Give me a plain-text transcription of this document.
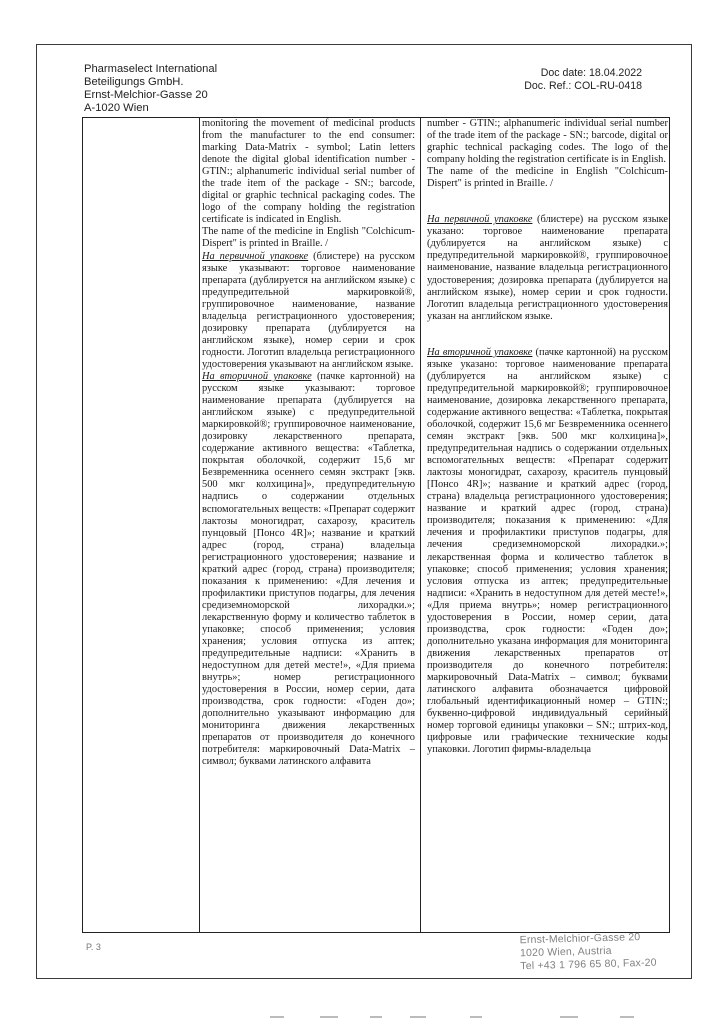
Pharmaselect International
Beteiligungs GmbH.
Ernst-Melchior-Gasse 20
A-1020 Wien
Doc date: 18.04.2022
Doc. Ref.: COL-RU-0418

monitoring the movement of medicinal products from the manufacturer to the end consumer: marking Data-Matrix - symbol; Latin letters denote the digital global identification number - GTIN:; alphanumeric individual serial number of the trade item of the package - SN:; barcode, digital or graphic technical packaging codes. The logo of the company holding the registration certificate is indicated in English.

The name of the medicine in English "Colchicum-Dispert" is printed in Braille. /

На первичной упаковке (блистере) на русском языке указывают: торговое наименование препарата (дублируется на английском языке) с предупредительной маркировкой®, группировочное наименование, название владельца регистрационного удостоверения; дозировку препарата (дублируется на английском языке), номер серии и срок годности. Логотип владельца регистрационного удостоверения указывают на английском языке.

На вторичной упаковке (пачке картонной) на русском языке указывают: торговое наименование препарата (дублируется на английском языке) с предупредительной маркировкой®; группировочное наименование, дозировку лекарственного препарата, содержание активного вещества: «Таблетка, покрытая оболочкой, содержит 15,6 мг Безвременника осеннего семян экстракт [экв. 500 мкг колхицина]», предупредительную надпись о содержании отдельных вспомогательных веществ: «Препарат содержит лактозы моногидрат, сахарозу, краситель пунцовый [Понсо 4R]»; название и краткий адрес (город, страна) владельца регистрационного удостоверения; название и краткий адрес (город, страна) производителя; показания к применению: «Для лечения и профилактики приступов подагры, для лечения средиземноморской лихорадки.»; лекарственную форму и количество таблеток в упаковке; способ применения; условия хранения; условия отпуска из аптек; предупредительные надписи: «Хранить в недоступном для детей месте!», «Для приема внутрь»; номер регистрационного удостоверения в России, номер серии, дата производства, срок годности: «Годен до»; дополнительно указывают информацию для мониторинга движения лекарственных препаратов от производителя до конечного потребителя: маркировочный Data-Matrix – символ; буквами латинского алфавита

number - GTIN:; alphanumeric individual serial number of the trade item of the package - SN:; barcode, digital or graphic technical packaging codes. The logo of the company holding the registration certificate is in English.

The name of the medicine in English "Colchicum-Dispert" is printed in Braille. /

На первичной упаковке (блистере) на русском языке указано: торговое наименование препарата (дублируется на английском языке) с предупредительной маркировкой®, группировочное наименование, название владельца регистрационного удостоверения; дозировка препарата (дублируется на английском языке), номер серии и срок годности. Логотип владельца регистрационного удостоверения указан на английском языке.

На вторичной упаковке (пачке картонной) на русском языке указано: торговое наименование препарата (дублируется на английском языке) с предупредительной маркировкой®; группировочное наименование, дозировка лекарственного препарата, содержание активного вещества: «Таблетка, покрытая оболочкой, содержит 15,6 мг Безвременника осеннего семян экстракт [экв. 500 мкг колхицина]», предупредительная надпись о содержании отдельных вспомогательных веществ: «Препарат содержит лактозы моногидрат, сахарозу, краситель пунцовый [Понсо 4R]»; название и краткий адрес (город, страна) владельца регистрационного удостоверения; название и краткий адрес (город, страна) производителя; показания к применению: «Для лечения и профилактики приступов подагры, для лечения средиземноморской лихорадки.»; лекарственная форма и количество таблеток в упаковке; способ применения; условия хранения; условия отпуска из аптек; предупредительные надписи: «Хранить в недоступном для детей месте!», «Для приема внутрь»; номер регистрационного удостоверения в России, номер серии, дата производства, срок годности: «Годен до»; дополнительно указана информация для мониторинга движения лекарственных препаратов от производителя до конечного потребителя: маркировочный Data-Matrix – символ; буквами латинского алфавита обозначается цифровой глобальный идентификационный номер – GTIN:; буквенно-цифровой индивидуальный серийный номер торговой единицы упаковки – SN:; штрих-код, цифровые или графические технические коды упаковки. Логотип фирмы-владельца

P. 3
Ernst-Melchior-Gasse 20
1020 Wien, Austria
Tel +43 1 796 65 80, Fax-20
